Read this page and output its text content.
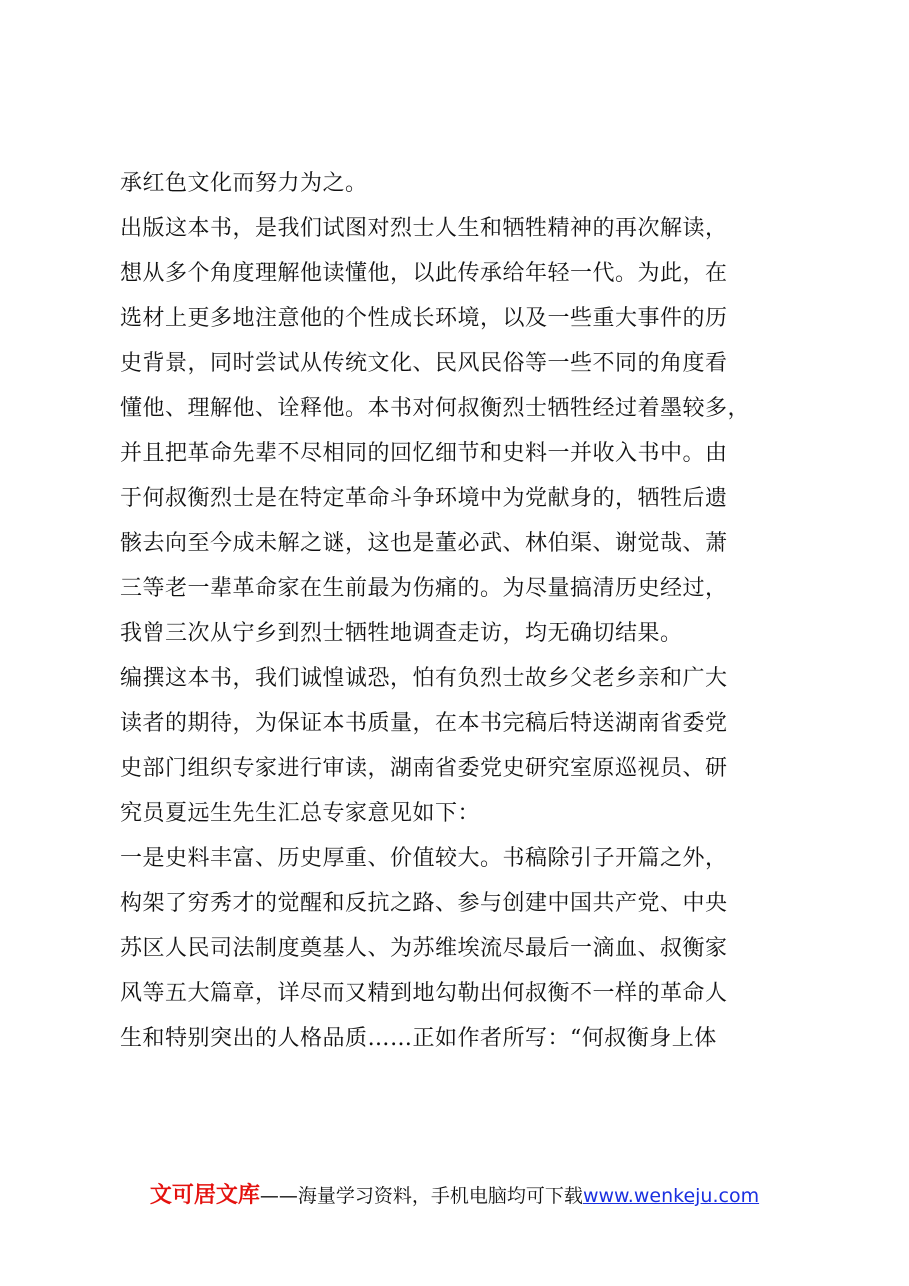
承红色文化而努力为之。
出版这本书，是我们试图对烈士人生和牺牲精神的再次解读，
想从多个角度理解他读懂他，以此传承给年轻一代。为此，在
选材上更多地注意他的个性成长环境，以及一些重大事件的历
史背景，同时尝试从传统文化、民风民俗等一些不同的角度看
懂他、理解他、诠释他。本书对何叔衡烈士牺牲经过着墨较多，
并且把革命先辈不尽相同的回忆细节和史料一并收入书中。由
于何叔衡烈士是在特定革命斗争环境中为党献身的，牺牲后遗
骸去向至今成未解之谜，这也是董必武、林伯渠、谢觉哉、萧
三等老一辈革命家在生前最为伤痛的。为尽量搞清历史经过，
我曾三次从宁乡到烈士牺牲地调查走访，均无确切结果。
编撰这本书，我们诚惶诚恐，怕有负烈士故乡父老乡亲和广大
读者的期待，为保证本书质量，在本书完稿后特送湖南省委党
史部门组织专家进行审读，湖南省委党史研究室原巡视员、研
究员夏远生先生汇总专家意见如下：
一是史料丰富、历史厚重、价值较大。书稿除引子开篇之外，
构架了穷秀才的觉醒和反抗之路、参与创建中国共产党、中央
苏区人民司法制度奠基人、为苏维埃流尽最后一滴血、叔衡家
风等五大篇章，详尽而又精到地勾勒出何叔衡不一样的革命人
生和特别突出的人格品质……正如作者所写：“何叔衡身上体
文可居文库——海量学习资料，手机电脑均可下载www.wenkeju.com
